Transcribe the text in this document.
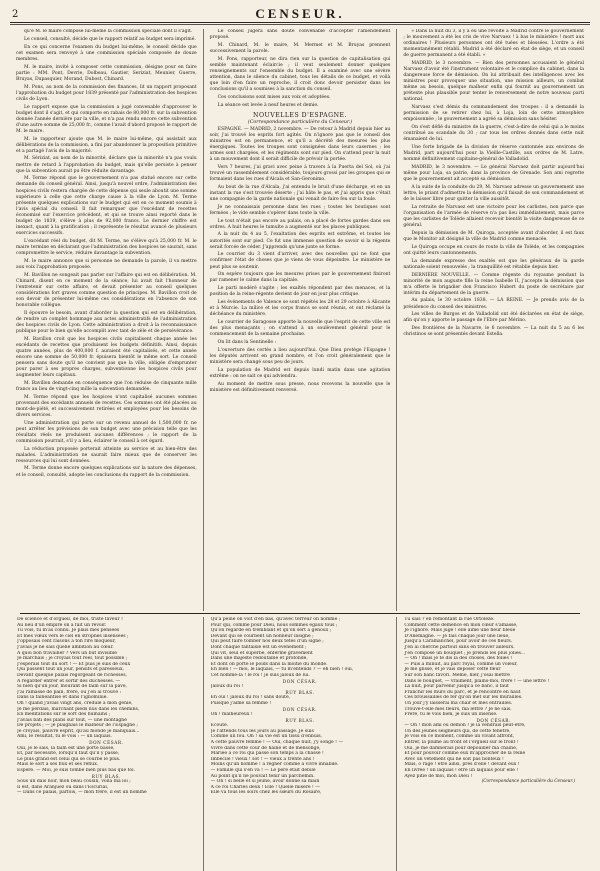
2	CENSEUR.

qu'e M. le maire compose lui-même la commission spéciale dont il s'agit.

Le conseil, consulté, décide que le rapport relatif au budget sera imprimé.

En ce qui concerne l'examen du budget lui-même, le conseil décide que cet examen sera renvoyé à une commission spéciale composée de douze membres.

M. le maire, invité à composer cette commission, désigne pour en faire partie : MM. Pont, Devrie, Dolbeau, Gautier, Seriziat, Meunier, Guerre, Bruyas, Dupasquier, Morand, Dubost, Chinard.

M. Pons, au nom de la commission des finances, lit un rapport proposant l'approbation du budget pour 1839 présenté par l'administration des hospices civils de Lyon.

Le rapport expose que la commission a jugé convenable d'approuver le budget dont il s'agit, et qui comporte en rabais de 80,000 fr. sur la subvention donnée l'année dernière par la ville, et n'a pas rendu encore cette subvention d'une autre somme de 25,000 fr., comme l'avait d'abord proposé le rapport de M. le maire.

M. le rapporteur ajoute que M. le maire lui-même, qui assistait aux délibérations de la commission, a fini par abandonner la proposition primitive et a partagé l'avis de la majorité.

M. Sériziat, au nom de la minorité, déclare que la minorité n'a pas voulu mettre de retard à l'approbation du budget, mais qu'elle persiste à penser que la subvention aurait pu être réduite davantage.

M. Terme répond que le gouvernement n'a pas statué encore sur cette demande du conseil général. Ainsi, jusqu'à nouvel ordre, l'administration des hospices civils restera chargée de cette dépense qui seule aboutit une somme supérieure à celle que cette charge cause à la ville de Lyon. M. Terme présente quelques explications sur le budget qui est en ce moment soumis à l'avis spécial du conseil. Il fait remarquer que l'excédant de recettes économisé sur l'exercice précédent, et qui se trouve ainsi reporté dans le budget de 1839, s'élève à plus de 92,000 francs. Le dernier chiffre est inexact, quant à la gratification ; il représente le résultat avancé de plusieurs exercices successifs.

L'excédant réel du budget, dit M. Terme, ne s'élève qu'à 25,000 fr. M. le maire termine en déclarant que l'administration des hospices ne saurait, sans compromettre le service, réduire davantage la subvention.

M. le maire annonce que si personne ne demande la parole, il va mettre aux voix l'approbation proposée.

M. Bavillon ne songeait pas parler sur l'affaire qui est en délibération. M. Chinard, disent en ce moment de la séance, lui avait fait l'honneur de l'entretenir sur cette affaire, et devait présenter au conseil quelques considérations fort graves comme question de principes. M. Bavillon croit de son devoir de présenter lui-même ces considérations en l'absence de son honorable collègue.

Il épouvre le besoin, avant d'aborder la question qui est en délibération, de rendre un complet hommage aux actes administratifs de l'administration des hospices civils de Lyon. Cette administration a droit à la reconnaissance publique pour le bien qu'elle accomplit avec tant de zèle et de persévérance.

M. Bavillon croit que les hospices civils capitalisent chaque année les excédants de recettes que produisent les budgets définitifs. Ainsi, depuis quatre années, plus de 400,000 f. auraient été capitalisés, et cette année encore une somme de 50,000 fr. épuisera bientôt le même sort. Le conseil pensera sans doute qu'il ne convient pas que la ville, obligée d'emprunter pour parer à ses propres charges, subventionne les hospices civils pour augmenter leurs capitaux.

M. Bavillon demande en conséquence que l'on réduise de cinquante mille francs au lieu de vingt-cinq mille la subvention demandée.

M. Terme répond que les hospices n'ont capitalisé aucunes sommes provenant des excédants annuels de recettes. Ces sommes ont été placées au mont-de-piété, et successivement retirées et employées pour les besoins de divers services.

Une administration qui porte sur un revenu annuel de 1,500,000 fr. ne peut arrêter les prévisions de son budget avec une précision telle que les résultats réels ne produisent aucunes différences ; le rapport de la commission pourrait, s'il y a lieu, éclairer le conseil à cet égard.

La réduction proposée porterait atteinte au service et au bien-être des malades. L'administration ne saurait faire mieux que de conserver les ressources qui lui sont données.

M. Terme donne encore quelques explications sur la nature des dépenses, et le conseil, consulté, adopte les conclusions du rapport de la commission.

Le conseil jugera sans doute convenable d'accepter l'amendement proposé.

M. Chinard, M. le maire, M. Mermet et M. Bruyas prennent successivement la parole.

M. Pons, rapporteur, ne dira rien sur la question de capitalisation qui semble maintenant éclaircie ; il veut seulement donner quelques renseignements sur l'ensemble du budget. Il a examiné avec une sévère attention, dans le silence du cabinet, tous les détails de ce budget, et voilà que loin d'en faire un reproche, il croit donc devoir persister dans les conclusions qu'il a soumises à la sanction du conseil.

Ces conclusions sont mises aux voix et adoptées.

La séance est levée à neuf heures et demie.

NOUVELLES D'ESPAGNE.
(Correspondance particulière du Censeur.)

ESPAGNE. — MADRID, 2 novembre. — De retour à Madrid depuis hier au soir, j'ai trouvé les esprits fort agités. On n'ignore pas que le conseil des ministres est en permanence, et qu'il a décrété des mesures les plus énergiques. Toutes les troupes sont consignées dans leurs casernes ; les armes sont chargées, et les régiments sont sur pied. On s'attend pour la nuit à un mouvement dont il serait difficile de prévoir la portée.

Vers 7 heures, j'ai gravi avec peine à travers à la Puerta del Sol, où j'ai trouvé un rassemblement considérable, toujours grossi par les groupes qui se formaient dans les rues d'Alcala et San-Geronimo.

Au bout de la rue d'Alcala, j'ai entendu le bruit d'une décharge, et en un instant la rue s'est trouvée déserte ; j'ai hâte le pas, et j'ai appris que c'était une compagnie de la garde nationale qui venait de faire feu sur la foule.

Je ne connaissais personne dans les rues ; toutes les boutiques sont fermées ; le vide semble s'opérer dans toute la ville.

Le tout n'était pas encore au palais, on a placé de fortes gardes dans ses ordres. A huit heures le tumulte a augmenté sur les places publiques.

A la nuit du 4 au 5, l'exaltation des esprits est extrême, et toutes les autorités sont sur pied. Ce fut une immense question de savoir si la régente serait forcée de céder. J'apprends qu'une junte se forme.

Le courrier du 3 vient d'arriver, avec des nouvelles qui ne font que confirmer l'état de choses que je viens de vous dépeindre. Le ministère ne peut plus se soutenir.

On espère toujours que les mesures prises par le gouvernement finiront par ramener le calme dans la capitale.

Le parti modéré s'agite ; les exaltés répondent par des menaces, et la position de la reine-régente devient de jour en jour plus critique.

Les événements de Valence se sont répétés les 28 et 29 octobre à Alicante et à Murcie. La milice et les corps francs se sont réunis, et ont réclamé la déchéance du ministère.

Le courrier de Saragosse apporte la nouvelle que l'esprit de cette ville est des plus menaçants ; on s'attend à un soulèvement général pour le commencement de la semaine prochaine.

On lit dans la Sentinelle :

L'ouverture des cortès a lieu aujourd'hui. Que Dieu protège l'Espagne ! les députés arrivent en grand nombre, et l'on croit généralement que le ministère sera changé sous peu de jours.

La population de Madrid est depuis lundi matin dans une agitation extrême : on ne sait ce qui adviendra.

Au moment de mettre sous presse, nous recevons la nouvelle que le ministère est définitivement renversé.

« Dans la nuit du 3, il y a eu une révolte à Madrid contre le gouvernement ; le mouvement a été les cris de vive Narvaez ! à bas le ministère ! mort aux ordinaires ! Plusieurs personnes ont été tuées et blessées. L'ordre a été momentanément rétabli. Madrid a été déclaré en état de siège, et un conseil de guerre permanent a été établi. »

MADRID, le 3 novembre. — Bien des personnes accusaient le général Narvaez d'avoir été l'instrument volontaire et le complice du cabinet, dans la dangereuse force de démission. On lui attribuait des intelligences avec les ministres pour provoquer une situation, une mission ailleurs, un combat même au besoin, quelque malheur enfin qui fournit au gouvernement un prétexte plus plausible pour tenter le renversement de notre nouveau parti national.

Narvaez s'est démis du commandement des troupes : il a demandé la permission de se retirer chez lui, à Loja, loin de cette atmosphère empoisonnée ; le gouvernement a agréé sa démission sans hésiter.

On s'est défié du ministre de la guerre, c'est-à-dire de celui qui a le moins contribué au scandale du 30 ; car tous les ordres donnés dans cette nuit émanaient de lui.

Une forte brigade de la division de réserve cantonnée aux environs de Madrid, part aujourd'hui pour la Vieille-Castille, aux ordres de M. Latre, nommé définitivement capitaine-général de Valladolid.

MADRID, le 3 novembre. — Le général Narvaez doit partir aujourd'hui même pour Loja, sa patrie, dans la province de Grenade. Son ami regrette que le gouvernement ait accepté sa démission.

A la suite de la conduite du 29, M. Narvaez adresse un gouvernement une lettre, le priant d'admettre la démission qu'il faisait de son commandement et de le laisser libre pour quitter la ville aussitôt.

La retraite de Narvaez est une victoire pour les carlistes, non parce que l'organisation de l'armée de réserve n'a pas lieu immédiatement, mais parce que les carlistes de Tolède allaient recevoir bientôt la visite dangereuse de ce général.

Depuis la démission de M. Quiroga, acceptée avant d'aborder, il est faux que le Monitor ait désigné la ville de Madrid comme menacée.

Le Quiroga occupe en cours de route la ville de Tolède, et les compagnies ont quitté leurs cantonnements.

La demande expresse des exaltés est que les généraux de la garde nationale soient renouvelés ; la tranquillité est rétablie depuis hier.

DERNIÈRE NOUVELLE. — Comme régente du royaume pendant la minorité de mon auguste fille la reine Isabelle II, j'accepte la démission que m'a offerte le brigadier don Francisco Hubert du poste de secrétaire par intérim du département de la guerre.

Au palais, le 30 octobre 1838. — LA REINE. — Je prends avis de la présidence du conseil des ministres.

Les villes de Burgos et de Valladolid ont été déclarées en état de siège, afin qu'on y apporte le passage de l'Ebre par Mérino.

Des frontières de la Navarre, le 6 novembre. — La nuit du 5 au 6 les christinos se sont présentés devant Estella.

De science et d'orgueil, de moi, triste faveur !
Au lieu d'un empire on a fait un révoir.
Tu vois, tu m'as connu. Je plais mes pensées
Et mes vœux vers le ciel en strophes insensées ;
J'opposais cent raisons à ton rire moqueur,
J'avais je ne sais quelle ambition au cœur.
A quoi bon travailler ? Vers un but invisible
Je marchais ; je croyais tout réel, tout possible ;
J'espérais tout du sort ! — Et puis je suis de ceux
Qui passent tout un jour, pensifs et paresseux,
Devant quelque palais regorgeant de richesses,
A regarder entrer et sortir des duchesses. —
Si bien qu'un jour, mourant de faim sur la pavé,
J'ai ramassé de pain, frère, où j'en ai trouvé :
Dans la fainéantise et dans l'ignominie.
Oh ! quand j'avais vingt ans, crédule à mon génie,
Je me perdais, marchant pieds nus dans les chemins,
En méditations sur le sort des humains ;
J'avais bâti des plans sur tout, — une montagne
De projets ; — je plaignais le malheur de l'Espagne ;
Je croyais, pauvre esprit, qu'au monde je manquais...
Ami, le résultat, tu le vois : — un laquais.
DON CÉSAR.
Oui, je le sais, la faim est une porte basse,
Et, par nécessité, lorsqu'il faut qu'il y passe,
Le plus grand est celui qui se courbe le plus.
Mais le sort a ses flux et ses reflux.
Espère. — Moi, je suis tombé bien plus bas que toi.
RUY BLAS.
Sous un dais noir, mon beau cousin, voilà ma loi ;
Il est, dans Aranjuez ou dans l'Escurial,
— Dans ce palais, parfois, — mon frère, il est un homme
Qu'à peine on voit d'en bas, qu'avec terreur on nomme ;
Pour qui, comme pour Dieu, nous sommes égaux tous ;
Qu'on regarde en tremblant et qu'on sert à genoux ;
Devant qui se courbent un honneur insigne ;
Qui peut faire tomber nos deux têtes d'un signe ;
Dont chaque fantaisie est un événement ;
Qui vit, seul et superbe, enfermé gravement
Dans une majesté redoutable et profonde,
Et dont on porte le poids dans la moitié du monde.
Eh bien ! — moi, le laquais, — tu m'entends ? — eh bien ! oui,
Cet homme-là ! le roi ! je suis jaloux de lui.
DON CÉSAR.
Jaloux du roi !
RUY BLAS.
Eh oui ! jaloux du roi ! sans doute,
Puisque j'aime sa femme !
DON CÉSAR.
Oh ! malheureux !
RUY BLAS.
Écoute.
Je l'attends tous les jours au passage. Je suis
Comme un fou. Oh ! sa vie est un tissu d'ennuis,
A cette pauvre femme ! — Oui, chaque nuit, j'y songe ! —
Vivre dans cette cour de haine et de mensonge,
Mariée à ce roi qui passe son temps à la chasse !
Imbécile ! vieux ! sot ! — vieux à trente ans !
Moins qu'un homme ! à régner comme à vivre inhabile.
— Famille qui s'en va ! — Le père était débile
Au point qu'il ne pouvait tenir un parchemin.
— Oh ! si belle et si jeune, avoir donné sa main
A ce roi Charles deux ! Elle ! Quelle misère ! —
Elle va tous les soirs chez les sœurs du Rosaire,
Tu sais ? en remontant la rue Ortolèze.
Comment cette démence en mon cœur s'amasse,
Je l'ignore. Mais juge ! elle aime une fleur bleue
D'Allemagne. — Je fais chaque jour une lieue,
Jusqu'à Caramanchel, pour avoir de ces fleurs.
J'en ai cherché partout sans en trouver ailleurs.
J'en compose un bouquet ; je prends les plus jolies...
— Oh ! mais je te dis là des choses, des folies !
— Puis à minuit, au parc royal, comme un voleur,
Je me glisse, et je vais déposer cette fleur
Sur son banc favori. Même, hier, j'osai mettre
Dans le bouquet, — vraiment, plains-moi, frère ! — une lettre !
La nuit, pour parvenir jusqu'à ce banc, il faut
Franchir les murs du parc, et je rencontre en haut
Ces broussailles de fer qu'on met sur les murailles.
Un jour j'y laisserai ma chair et mes entrailles.
Trouve-t-elle mes fleurs, ma lettre ? Je ne sais.
Frère, tu le vois bien, je suis un insensé.
DON CÉSAR.
— Oh ! mon ami ou démon ! je la vendrais peut-être,
Un des jeunes seigneurs qui, de cette fenêtre,
Je vois en ce moment, comme un vivant affront,
Entrer, la plume au front et l'orgueil sur le front !
Oui, je me damnerais pour dépouiller ma chaîne,
Et pour pouvoir comme eux m'approcher de la reine
Avec un vêtement qui ne soit pas honteux !
Mais, ô rage ! être ainsi, près d'elle ! devant eux !
En livrée ! un laquais ! être un laquais pour elle !
Ayez pitié de moi, mon Dieu !
(Correspondance particulière du Censeur.)
